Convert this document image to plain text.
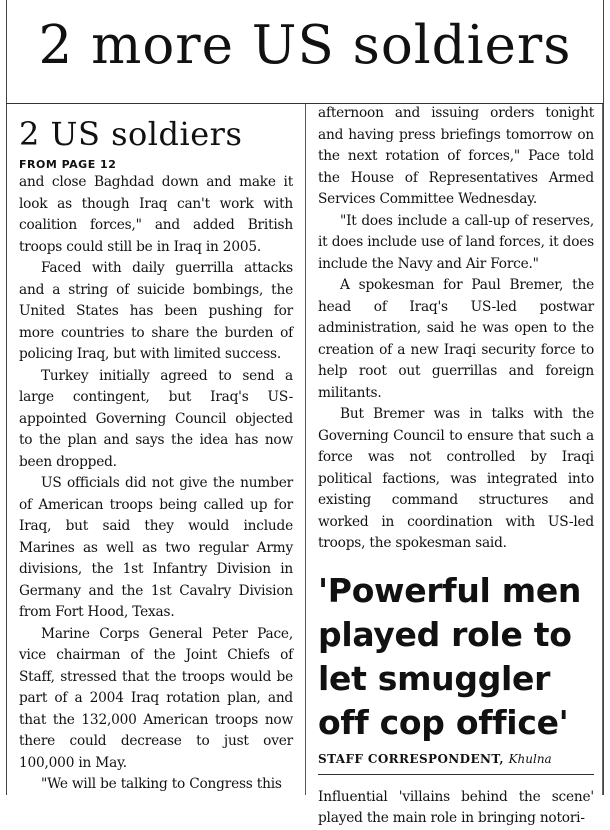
2 more US soldiers
2 US soldiers

FROM PAGE 12

and close Baghdad down and make it look as though Iraq can't work with coalition forces," and added British troops could still be in Iraq in 2005.

Faced with daily guerrilla attacks and a string of suicide bombings, the United States has been pushing for more countries to share the burden of policing Iraq, but with limited success.

Turkey initially agreed to send a large contingent, but Iraq's US-appointed Governing Council objected to the plan and says the idea has now been dropped.

US officials did not give the number of American troops being called up for Iraq, but said they would include Marines as well as two regular Army divisions, the 1st Infantry Division in Germany and the 1st Cavalry Division from Fort Hood, Texas.

Marine Corps General Peter Pace, vice chairman of the Joint Chiefs of Staff, stressed that the troops would be part of a 2004 Iraq rotation plan, and that the 132,000 American troops now there could decrease to just over 100,000 in May.

"We will be talking to Congress this

afternoon and issuing orders tonight and having press briefings tomorrow on the next rotation of forces," Pace told the House of Representatives Armed Services Committee Wednesday.

"It does include a call-up of reserves, it does include use of land forces, it does include the Navy and Air Force."

A spokesman for Paul Bremer, the head of Iraq's US-led postwar administration, said he was open to the creation of a new Iraqi security force to help root out guerrillas and foreign militants.

But Bremer was in talks with the Governing Council to ensure that such a force was not controlled by Iraqi political factions, was integrated into existing command structures and worked in coordination with US-led troops, the spokesman said.

'Powerful men played role to let smuggler off cop office'

STAFF CORRESPONDENT, Khulna

Influential 'villains behind the scene' played the main role in bringing notori-
